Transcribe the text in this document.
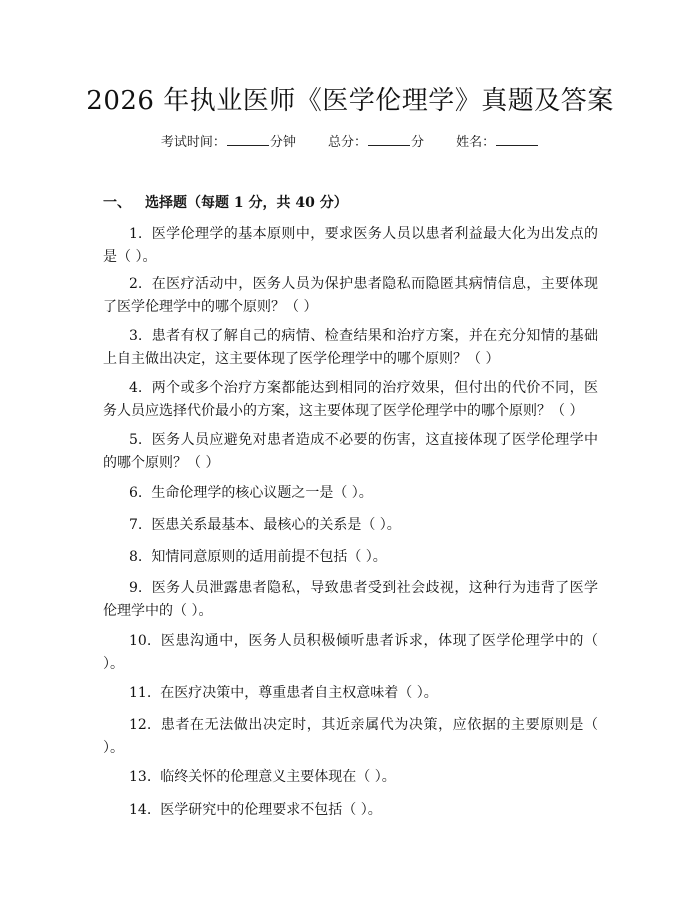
2026 年执业医师《医学伦理学》真题及答案
考试时间：	分钟 总分：	分 姓名：
一、 选择题（每题 1 分，共 40 分）
1. 医学伦理学的基本原则中，要求医务人员以患者利益最大化为出发点的是（ ）。
2. 在医疗活动中，医务人员为保护患者隐私而隐匿其病情信息，主要体现了医学伦理学中的哪个原则？（ ）
3. 患者有权了解自己的病情、检查结果和治疗方案，并在充分知情的基础上自主做出决定，这主要体现了医学伦理学中的哪个原则？（ ）
4. 两个或多个治疗方案都能达到相同的治疗效果，但付出的代价不同，医务人员应选择代价最小的方案，这主要体现了医学伦理学中的哪个原则？（ ）
5. 医务人员应避免对患者造成不必要的伤害，这直接体现了医学伦理学中的哪个原则？（ ）
6. 生命伦理学的核心议题之一是（ ）。
7. 医患关系最基本、最核心的关系是（ ）。
8. 知情同意原则的适用前提不包括（ ）。
9. 医务人员泄露患者隐私，导致患者受到社会歧视，这种行为违背了医学伦理学中的（ ）。
10. 医患沟通中，医务人员积极倾听患者诉求，体现了医学伦理学中的（ ）。
11. 在医疗决策中，尊重患者自主权意味着（ ）。
12. 患者在无法做出决定时，其近亲属代为决策，应依据的主要原则是（ ）。
13. 临终关怀的伦理意义主要体现在（ ）。
14. 医学研究中的伦理要求不包括（ ）。
